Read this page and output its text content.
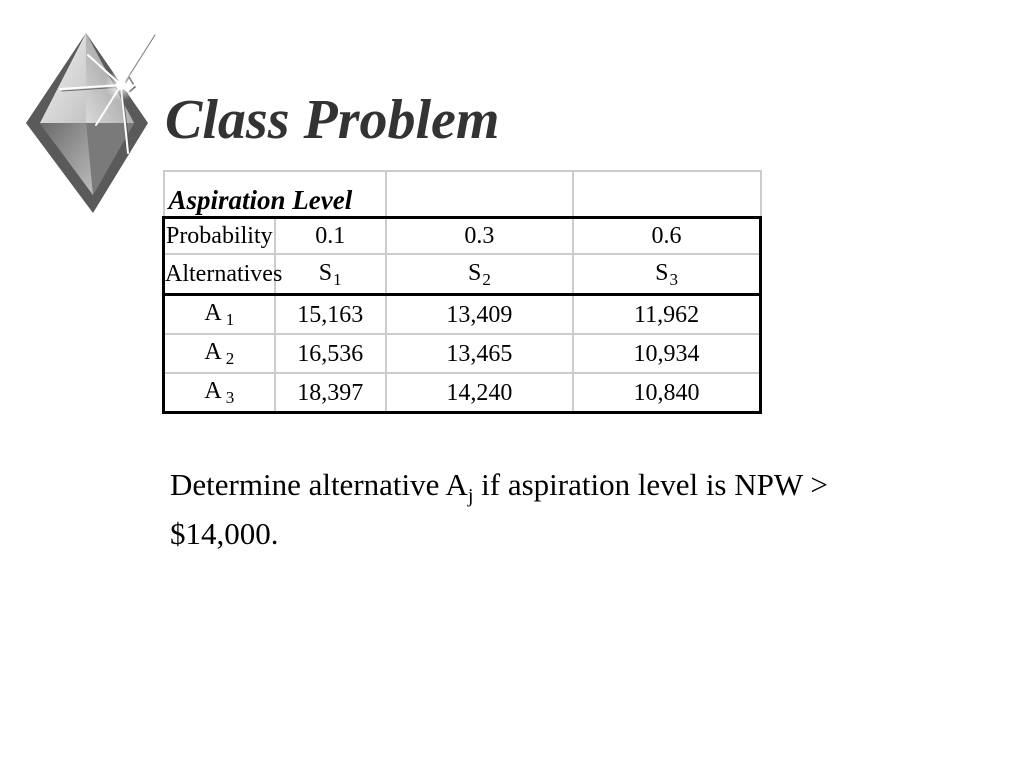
Class Problem
Aspiration Level			
Probability	0.1	0.3	0.6
Alternatives	$S_1$	$S_2$	$S_3$
A $_1$	15,163	13,409	11,962
A $_2$	16,536	13,465	10,934
A $_3$	18,397	14,240	10,840

Determine alternative $A_j$ if aspiration level is NPW > $14,000.
